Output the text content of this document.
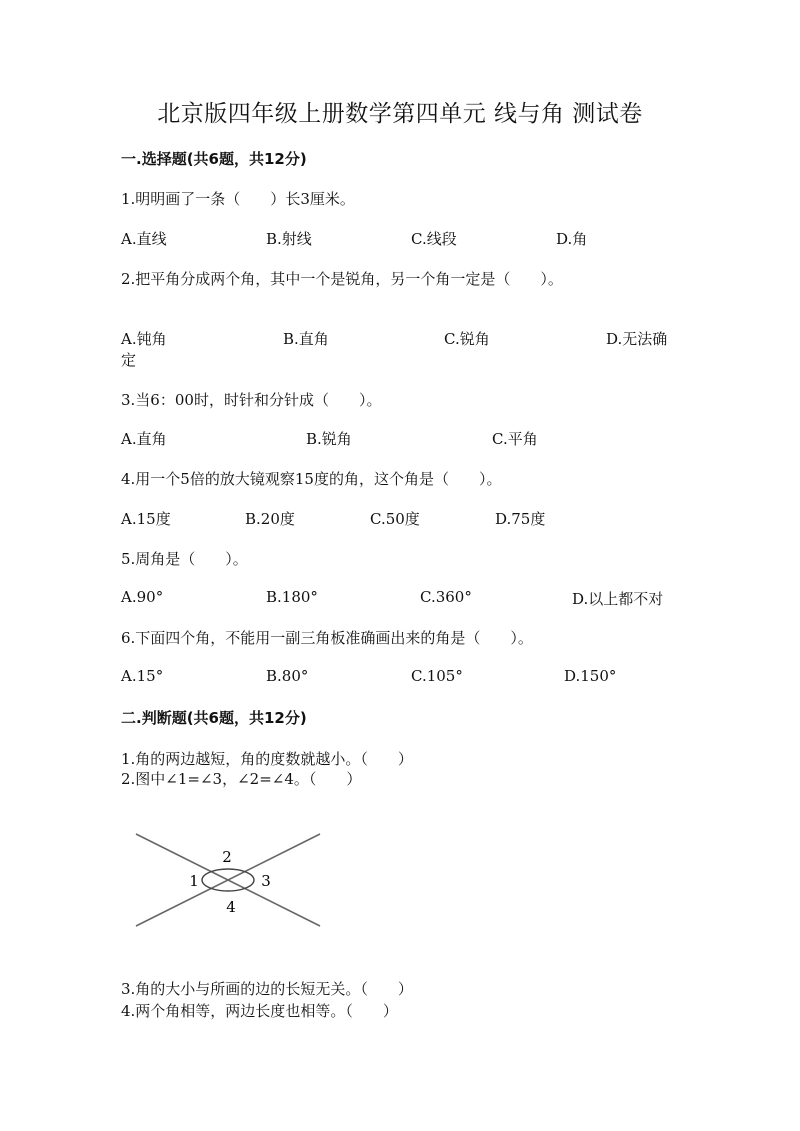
北京版四年级上册数学第四单元 线与角 测试卷
一.选择题(共6题，共12分)
1.明明画了一条（　　）长3厘米。
A.直线	B.射线	C.线段	D.角
2.把平角分成两个角，其中一个是锐角，另一个角一定是（　　）。
A.钝角	B.直角	C.锐角	D.无法确
定
3.当6：00时，时针和分针成（　　）。
A.直角	B.锐角	C.平角
4.用一个5倍的放大镜观察15度的角，这个角是（　　）。
A.15度	B.20度	C.50度	D.75度
5.周角是（　　）。
A.90°	B.180°	C.360°	D.以上都不对
6.下面四个角，不能用一副三角板准确画出来的角是（　　）。
A.15°	B.80°	C.105°	D.150°
二.判断题(共6题，共12分)
1.角的两边越短，角的度数就越小。（　　）
2.图中∠1=∠3，∠2=∠4。（　　）
2
1	3
4
3.角的大小与所画的边的长短无关。（　　）
4.两个角相等，两边长度也相等。（　　）
